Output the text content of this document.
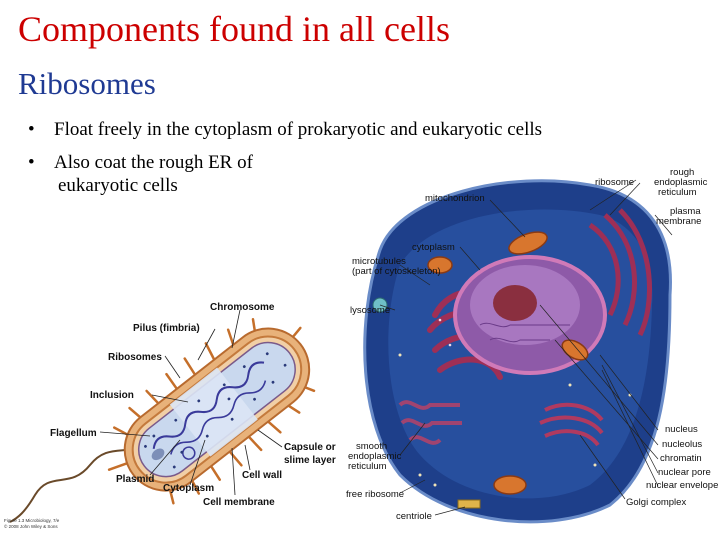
Components found in all cells
Ribosomes
• Float freely in the cytoplasm of prokaryotic and eukaryotic cells
• Also coat the rough ER of
eukaryotic cells
Chromosome
Pilus (fimbria)
Ribosomes
Inclusion
Flagellum
Capsule or
slime layer
Cell wall
Plasmid
Cytoplasm
Cell membrane
Figure 1.3 Microbiology, 7/e
© 2008 John Wiley & Sons
rough
endoplasmic
reticulum
ribosome
mitochondrion
plasma
membrane
cytoplasm
microtubules
(part of cytoskeleton)
lysosome
nucleus
nucleolus
chromatin
nuclear pore
nuclear envelope
Golgi complex
smooth
endoplasmic
reticulum
free ribosome
centriole
